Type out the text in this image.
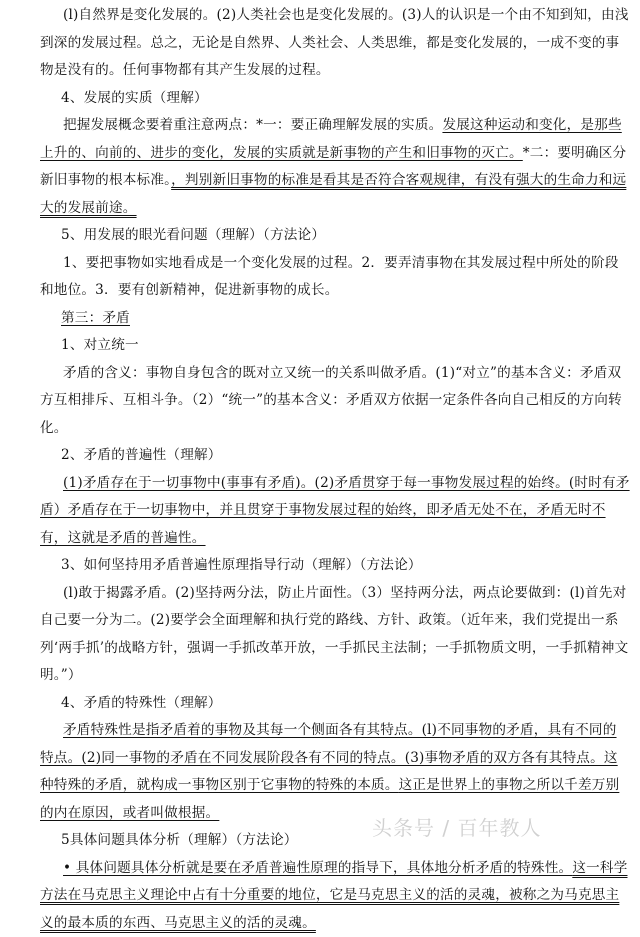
(l)自然界是变化发展的。(2)人类社会也是变化发展的。(3)人的认识是一个由不知到知，由浅到深的发展过程。总之，无论是自然界、人类社会、人类思维，都是变化发展的，一成不变的事物是没有的。任何事物都有其产生发展的过程。

4、发展的实质（理解）

把握发展概念要着重注意两点：*一：要正确理解发展的实质。发展这种运动和变化，是那些上升的、向前的、进步的变化，发展的实质就是新事物的产生和旧事物的灭亡。*二：要明确区分新旧事物的根本标准。，判别新旧事物的标准是看其是否符合客观规律，有没有强大的生命力和远大的发展前途。

5、用发展的眼光看问题（理解）（方法论）

1、要把事物如实地看成是一个变化发展的过程。2．要弄清事物在其发展过程中所处的阶段和地位。3．要有创新精神，促进新事物的成长。

第三：矛盾

1、对立统一

矛盾的含义：事物自身包含的既对立又统一的关系叫做矛盾。(1)“对立”的基本含义：矛盾双方互相排斥、互相斗争。（2）“统一”的基本含义：矛盾双方依据一定条件各向自己相反的方向转化。

2、矛盾的普遍性（理解）

(1)矛盾存在于一切事物中(事事有矛盾)。(2)矛盾贯穿于每一事物发展过程的始终。(时时有矛盾）矛盾存在于一切事物中，并且贯穿于事物发展过程的始终，即矛盾无处不在，矛盾无时不有，这就是矛盾的普遍性。

3、如何坚持用矛盾普遍性原理指导行动（理解）（方法论）

(l)敢于揭露矛盾。(2)坚持两分法，防止片面性。（3）坚持两分法，两点论要做到：(l)首先对自己要一分为二。(2)要学会全面理解和执行党的路线、方针、政策。（近年来，我们党提出一系列‘两手抓’的战略方针，强调一手抓改革开放，一手抓民主法制；一手抓物质文明，一手抓精神文明。”）

4、矛盾的特殊性（理解）

矛盾特殊性是指矛盾着的事物及其每一个侧面各有其特点。(l)不同事物的矛盾，具有不同的特点。(2)同一事物的矛盾在不同发展阶段各有不同的特点。(3)事物矛盾的双方各有其特点。这种特殊的矛盾，就构成一事物区别于它事物的特殊的本质。这正是世界上的事物之所以千差万别的内在原因，或者叫做根据。

5具体问题具体分析（理解）（方法论）

• 具体问题具体分析就是要在矛盾普遍性原理的指导下，具体地分析矛盾的特殊性。这一科学方法在马克思主义理论中占有十分重要的地位，它是马克思主义的活的灵魂，被称之为马克思主义的最本质的东西、马克思主义的活的灵魂。

头条号 / 百年教人
